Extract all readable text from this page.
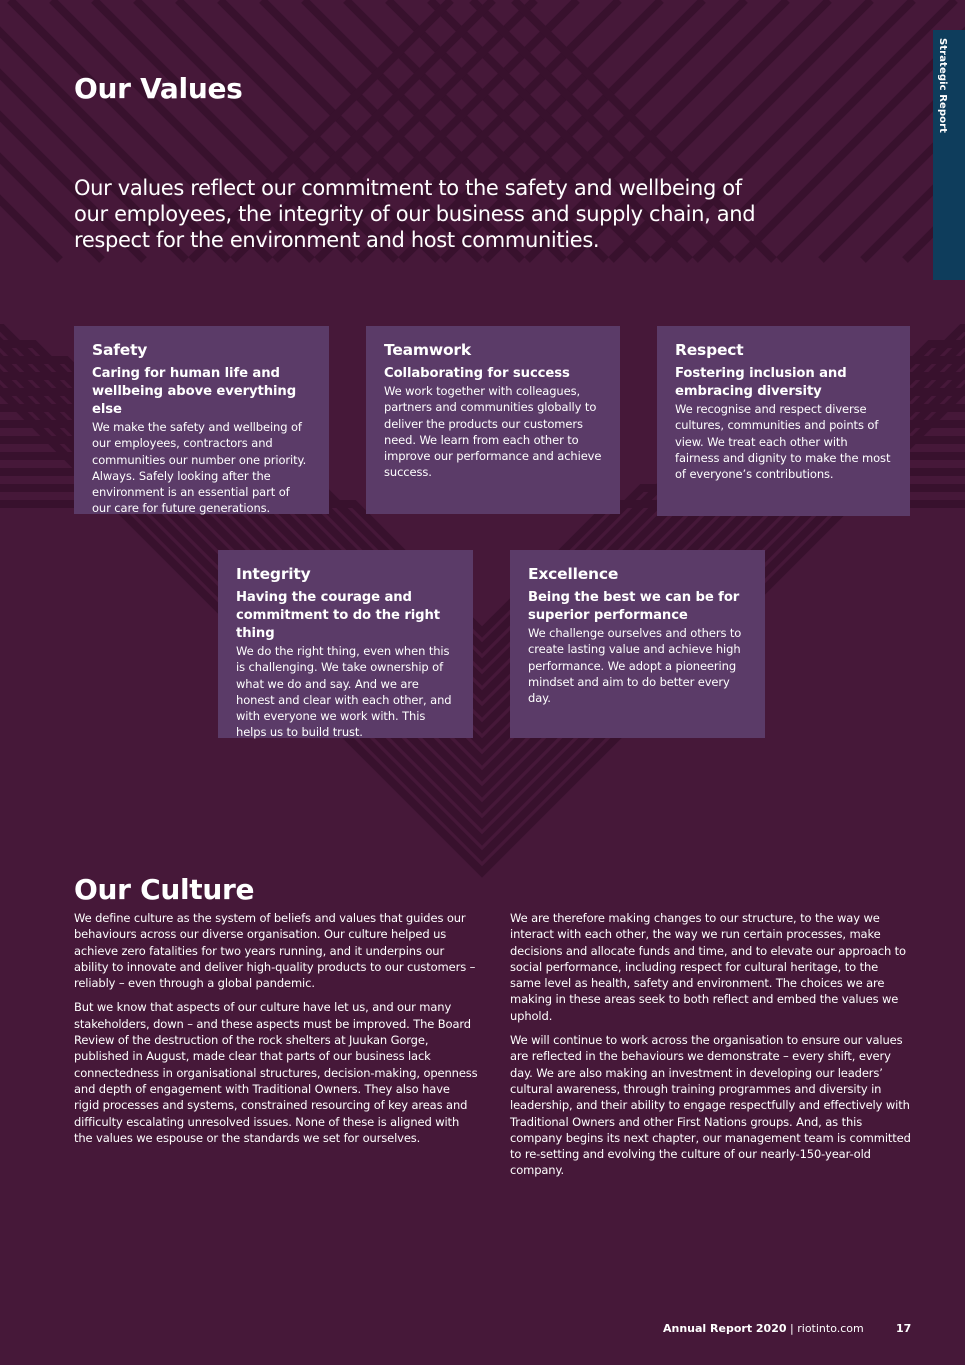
Strategic Report
Our Values

Our values reflect our commitment to the safety and wellbeing of our employees, the integrity of our business and supply chain, and respect for the environment and host communities.

Safety
Caring for human life and wellbeing above everything else
We make the safety and wellbeing of our employees, contractors and communities our number one priority. Always. Safely looking after the environment is an essential part of our care for future generations.
Teamwork
Collaborating for success
We work together with colleagues, partners and communities globally to deliver the products our customers need. We learn from each other to improve our performance and achieve success.
Respect
Fostering inclusion and embracing diversity
We recognise and respect diverse cultures, communities and points of view. We treat each other with fairness and dignity to make the most of everyone’s contributions.
Integrity
Having the courage and commitment to do the right thing
We do the right thing, even when this is challenging. We take ownership of what we do and say. And we are honest and clear with each other, and with everyone we work with. This helps us to build trust.
Excellence
Being the best we can be for superior performance
We challenge ourselves and others to create lasting value and achieve high performance. We adopt a pioneering mindset and aim to do better every day.
Our Culture

We define culture as the system of beliefs and values that guides our behaviours across our diverse organisation. Our culture helped us achieve zero fatalities for two years running, and it underpins our ability to innovate and deliver high-quality products to our customers – reliably – even through a global pandemic.

But we know that aspects of our culture have let us, and our many stakeholders, down – and these aspects must be improved. The Board Review of the destruction of the rock shelters at Juukan Gorge, published in August, made clear that parts of our business lack connectedness in organisational structures, decision-making, openness and depth of engagement with Traditional Owners. They also have rigid processes and systems, constrained resourcing of key areas and difficulty escalating unresolved issues. None of these is aligned with the values we espouse or the standards we set for ourselves.

We are therefore making changes to our structure, to the way we interact with each other, the way we run certain processes, make decisions and allocate funds and time, and to elevate our approach to social performance, including respect for cultural heritage, to the same level as health, safety and environment. The choices we are making in these areas seek to both reflect and embed the values we uphold.

We will continue to work across the organisation to ensure our values are reflected in the behaviours we demonstrate – every shift, every day. We are also making an investment in developing our leaders’ cultural awareness, through training programmes and diversity in leadership, and their ability to engage respectfully and effectively with Traditional Owners and other First Nations groups. And, as this company begins its next chapter, our management team is committed to re-setting and evolving the culture of our nearly-150-year-old company.

Annual Report 2020 | riotinto.com	17
